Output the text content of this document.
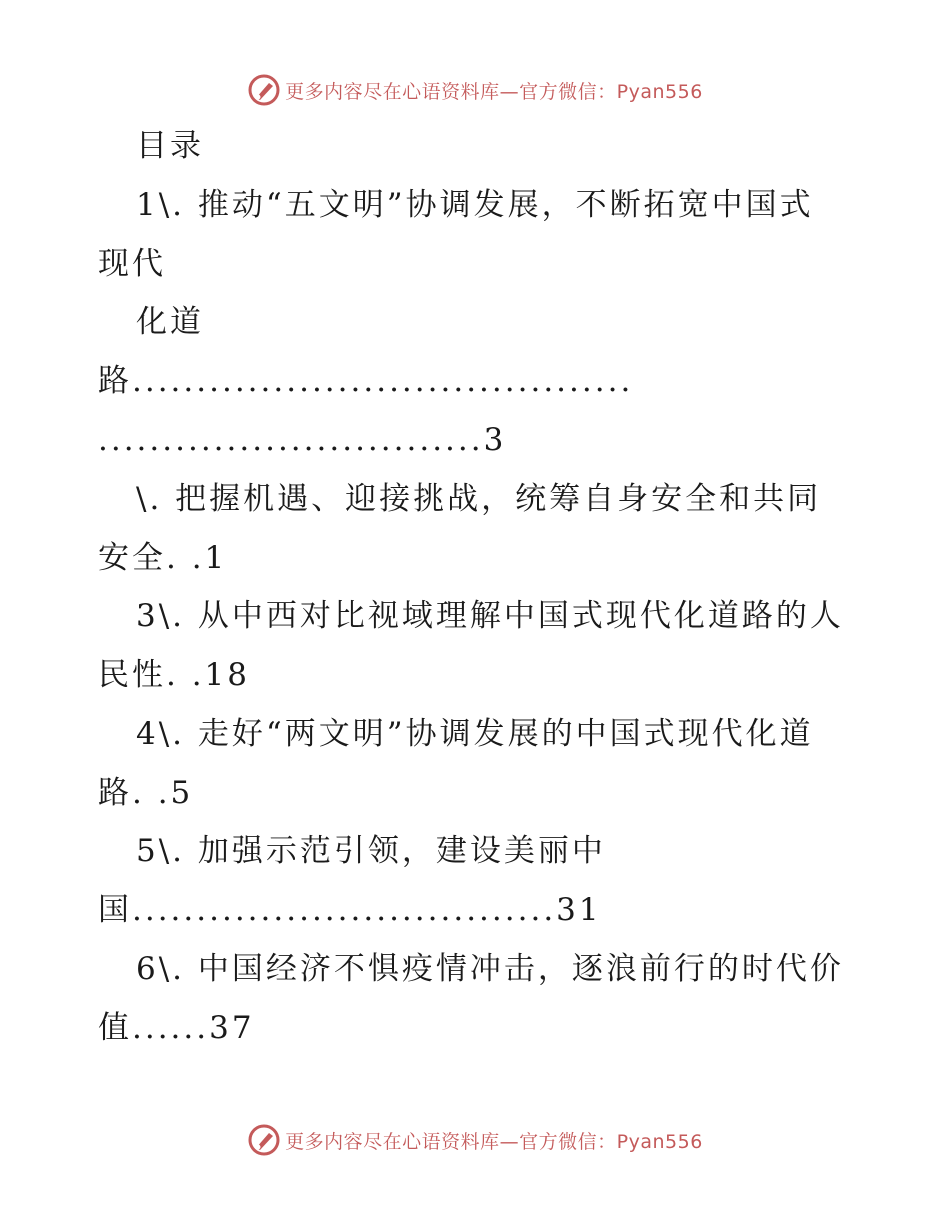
更多内容尽在心语资料库—官方微信：Pyan556
目录
1\. 推动“五文明”协调发展，不断拓宽中国式
现代
化道
路.......................................
..............................3
\. 把握机遇、迎接挑战，统筹自身安全和共同
安全. .1
3\. 从中西对比视域理解中国式现代化道路的人
民性. .18
4\. 走好“两文明”协调发展的中国式现代化道
路. .5
5\. 加强示范引领，建设美丽中
国.................................31
6\. 中国经济不惧疫情冲击，逐浪前行的时代价
值......37
更多内容尽在心语资料库—官方微信：Pyan556
